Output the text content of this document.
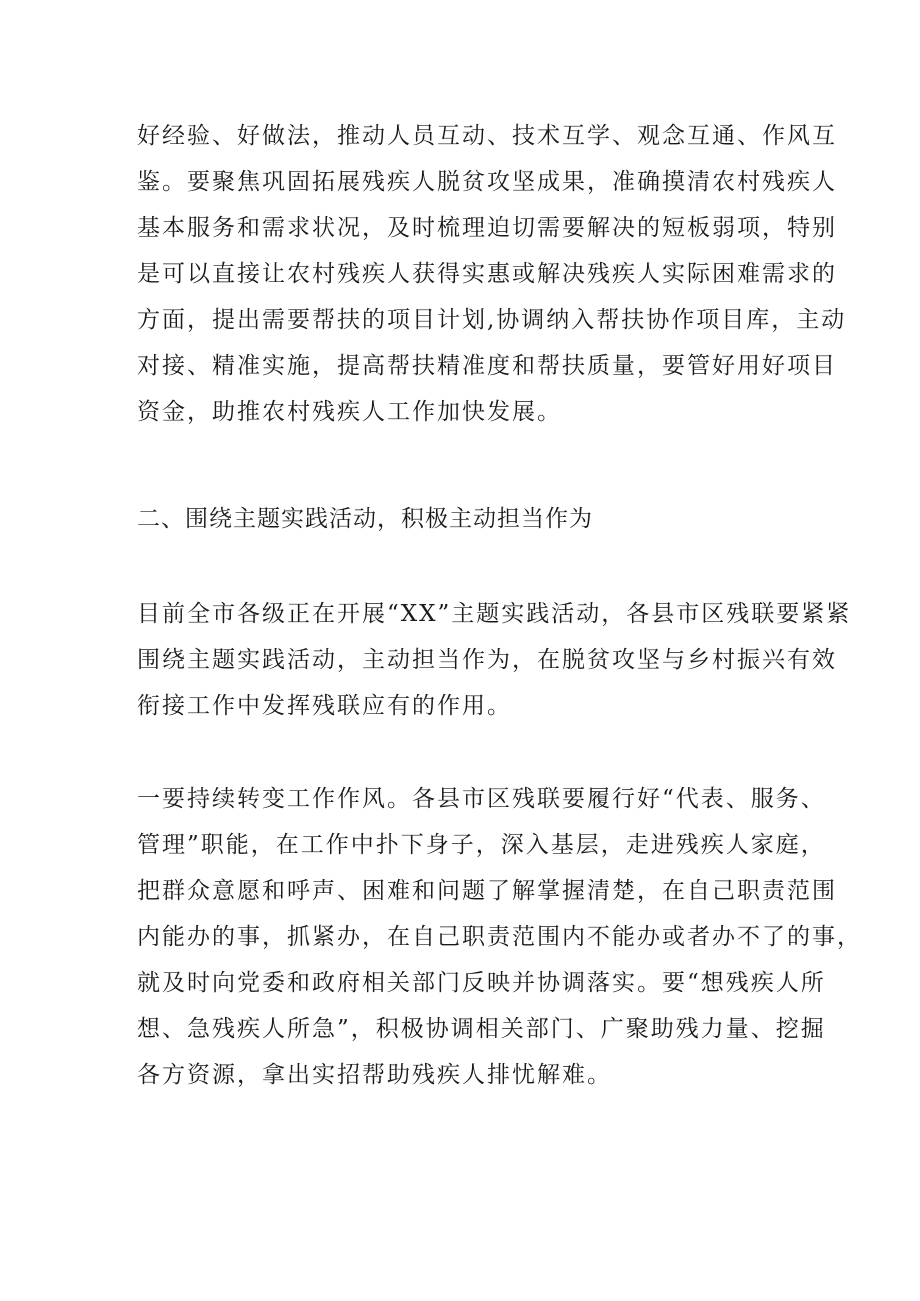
好经验、好做法，推动人员互动、技术互学、观念互通、作风互
鉴。要聚焦巩固拓展残疾人脱贫攻坚成果，准确摸清农村残疾人
基本服务和需求状况，及时梳理迫切需要解决的短板弱项，特别
是可以直接让农村残疾人获得实惠或解决残疾人实际困难需求的
方面，提出需要帮扶的项目计划,协调纳入帮扶协作项目库，主动
对接、精准实施，提高帮扶精准度和帮扶质量，要管好用好项目
资金，助推农村残疾人工作加快发展。
二、围绕主题实践活动，积极主动担当作为
目前全市各级正在开展“XX”主题实践活动，各县市区残联要紧紧
围绕主题实践活动，主动担当作为，在脱贫攻坚与乡村振兴有效
衔接工作中发挥残联应有的作用。
一要持续转变工作作风。各县市区残联要履行好“代表、服务、
管理”职能，在工作中扑下身子，深入基层，走进残疾人家庭，
把群众意愿和呼声、困难和问题了解掌握清楚，在自己职责范围
内能办的事，抓紧办，在自己职责范围内不能办或者办不了的事，
就及时向党委和政府相关部门反映并协调落实。要“想残疾人所
想、急残疾人所急”，积极协调相关部门、广聚助残力量、挖掘
各方资源，拿出实招帮助残疾人排忧解难。
